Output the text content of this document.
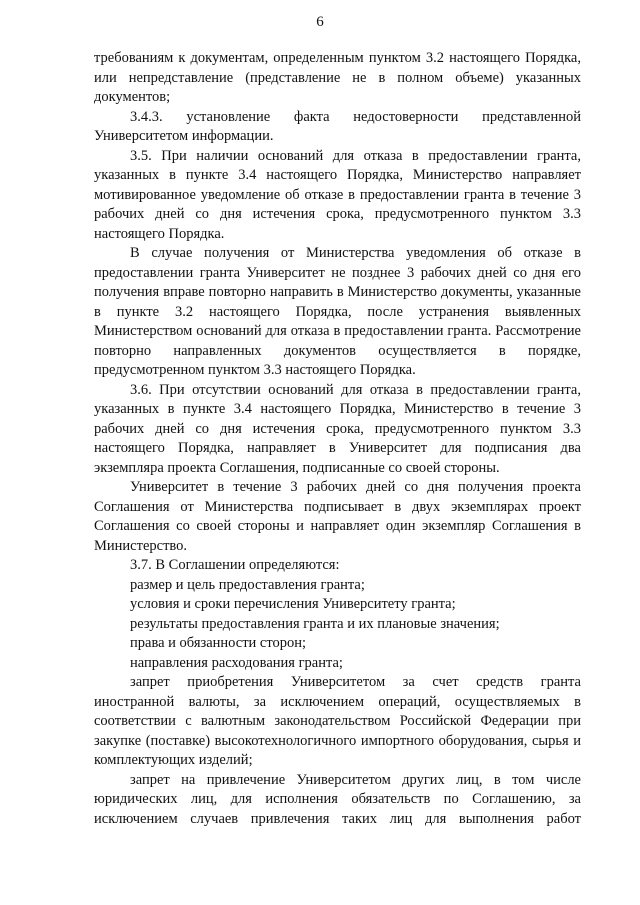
6

требованиям к документам, определенным пунктом 3.2 настоящего Порядка, или непредставление (представление не в полном объеме) указанных документов;

3.4.3. установление факта недостоверности представленной Университетом информации.

3.5. При наличии оснований для отказа в предоставлении гранта, указанных в пункте 3.4 настоящего Порядка, Министерство направляет мотивированное уведомление об отказе в предоставлении гранта в течение 3 рабочих дней со дня истечения срока, предусмотренного пунктом 3.3 настоящего Порядка.

В случае получения от Министерства уведомления об отказе в предоставлении гранта Университет не позднее 3 рабочих дней со дня его получения вправе повторно направить в Министерство документы, указанные в пункте 3.2 настоящего Порядка, после устранения выявленных Министерством оснований для отказа в предоставлении гранта. Рассмотрение повторно направленных документов осуществляется в порядке, предусмотренном пунктом 3.3 настоящего Порядка.

3.6. При отсутствии оснований для отказа в предоставлении гранта, указанных в пункте 3.4 настоящего Порядка, Министерство в течение 3 рабочих дней со дня истечения срока, предусмотренного пунктом 3.3 настоящего Порядка, направляет в Университет для подписания два экземпляра проекта Соглашения, подписанные со своей стороны.

Университет в течение 3 рабочих дней со дня получения проекта Соглашения от Министерства подписывает в двух экземплярах проект Соглашения со своей стороны и направляет один экземпляр Соглашения в Министерство.

3.7. В Соглашении определяются:

размер и цель предоставления гранта;

условия и сроки перечисления Университету гранта;

результаты предоставления гранта и их плановые значения;

права и обязанности сторон;

направления расходования гранта;

запрет приобретения Университетом за счет средств гранта иностранной валюты, за исключением операций, осуществляемых в соответствии с валютным законодательством Российской Федерации при закупке (поставке) высокотехнологичного импортного оборудования, сырья и комплектующих изделий;

запрет на привлечение Университетом других лиц, в том числе юридических лиц, для исполнения обязательств по Соглашению, за исключением случаев привлечения таких лиц для выполнения работ
